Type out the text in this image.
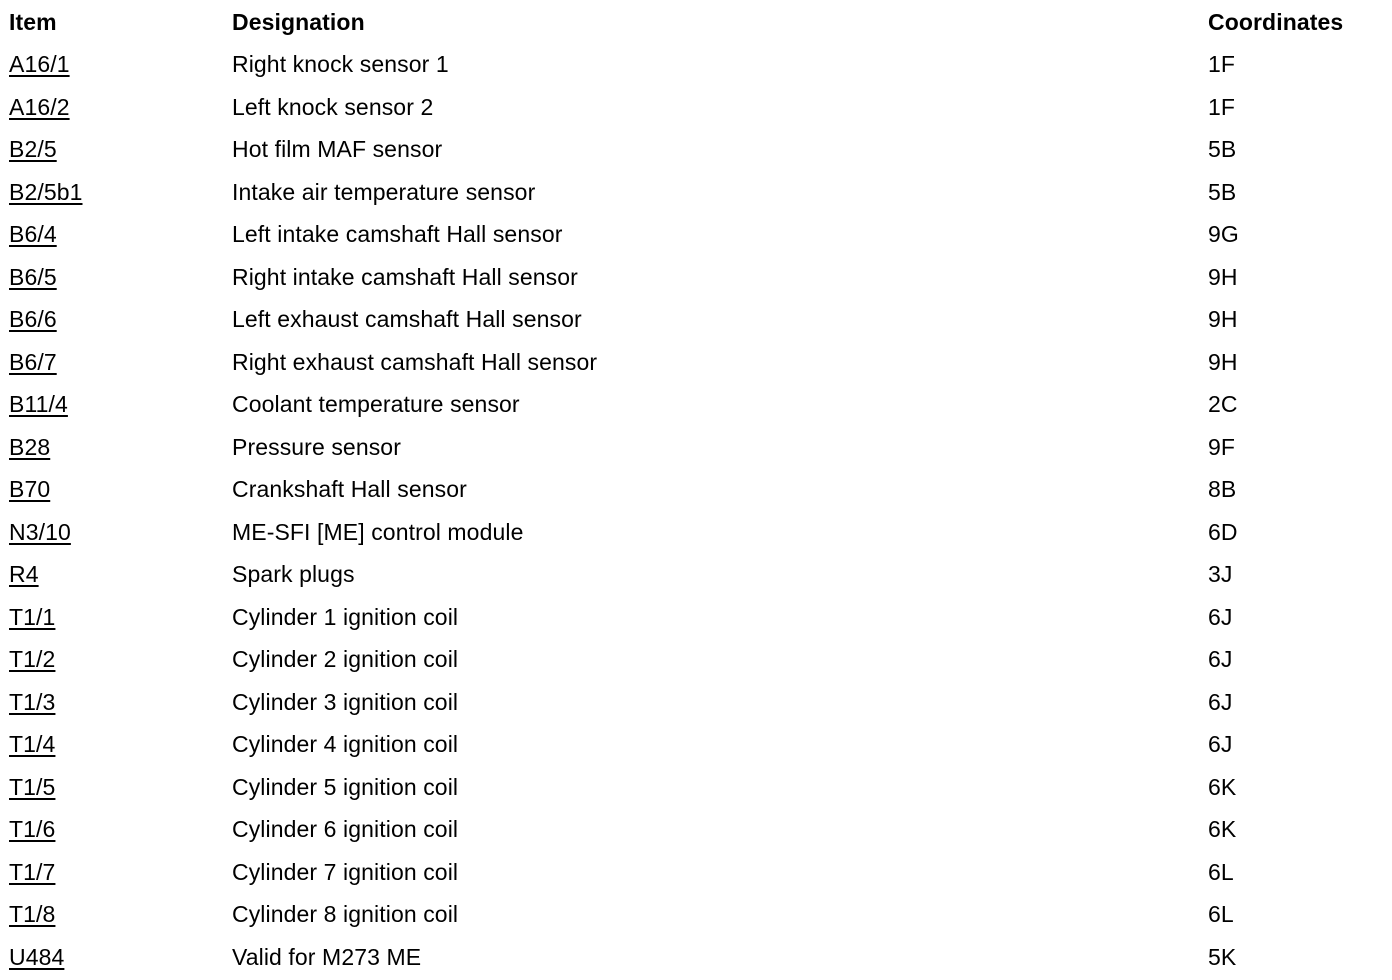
Item	Designation	Coordinates
A16/1	Right knock sensor 1	1F
A16/2	Left knock sensor 2	1F
B2/5	Hot film MAF sensor	5B
B2/5b1	Intake air temperature sensor	5B
B6/4	Left intake camshaft Hall sensor	9G
B6/5	Right intake camshaft Hall sensor	9H
B6/6	Left exhaust camshaft Hall sensor	9H
B6/7	Right exhaust camshaft Hall sensor	9H
B11/4	Coolant temperature sensor	2C
B28	Pressure sensor	9F
B70	Crankshaft Hall sensor	8B
N3/10	ME-SFI [ME] control module	6D
R4	Spark plugs	3J
T1/1	Cylinder 1 ignition coil	6J
T1/2	Cylinder 2 ignition coil	6J
T1/3	Cylinder 3 ignition coil	6J
T1/4	Cylinder 4 ignition coil	6J
T1/5	Cylinder 5 ignition coil	6K
T1/6	Cylinder 6 ignition coil	6K
T1/7	Cylinder 7 ignition coil	6L
T1/8	Cylinder 8 ignition coil	6L
U484	Valid for M273 ME	5K
